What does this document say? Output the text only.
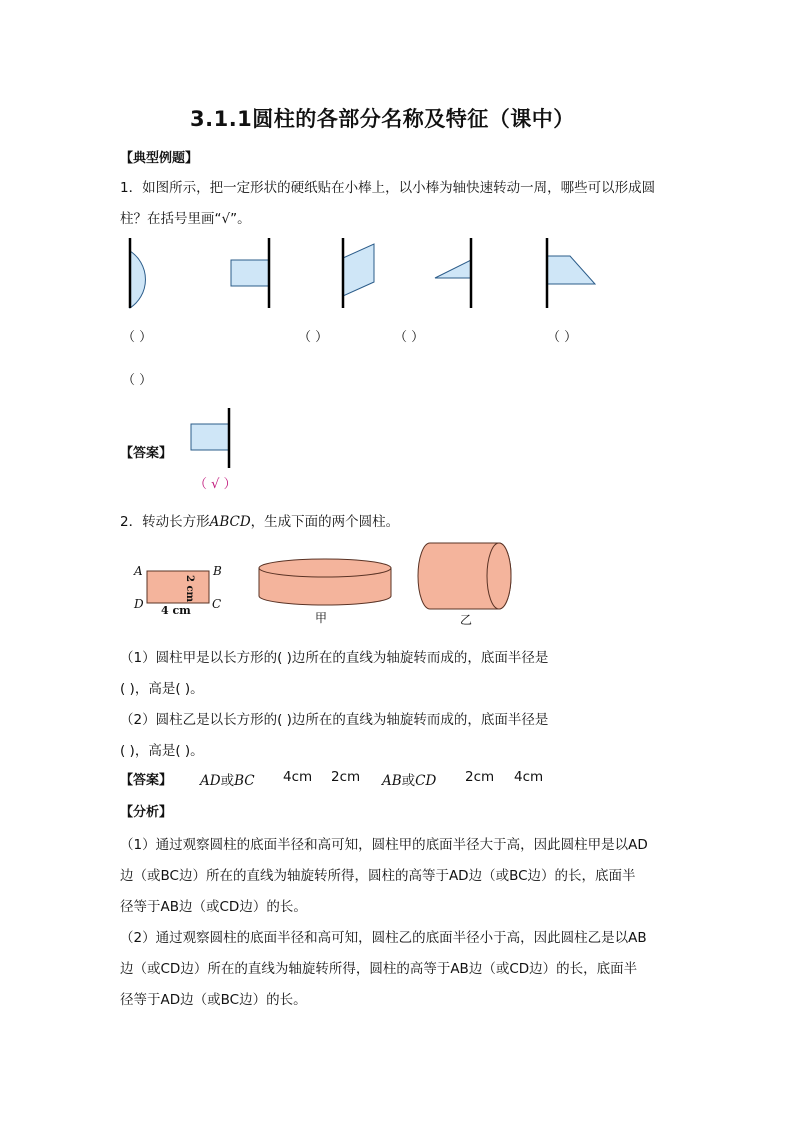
3.1.1圆柱的各部分名称及特征（课中）
【典型例题】
1．如图所示，把一定形状的硬纸贴在小棒上，以小棒为轴快速转动一周，哪些可以形成圆
柱？在括号里画“√”。
（ ）	（ ）	（ ）	（ ）
（ ）
【答案】
（ √ ）
2．转动长方形ABCD，生成下面的两个圆柱。
A	B
C
D 4 cm
2 cm
甲	乙
（1）圆柱甲是以长方形的( )边所在的直线为轴旋转而成的，底面半径是
( )，高是( )。
（2）圆柱乙是以长方形的( )边所在的直线为轴旋转而成的，底面半径是
( )，高是( )。
【答案】 AD或BC 4cm 2cm AB或CD 2cm 4cm
【分析】
（1）通过观察圆柱的底面半径和高可知，圆柱甲的底面半径大于高，因此圆柱甲是以AD
边（或BC边）所在的直线为轴旋转所得，圆柱的高等于AD边（或BC边）的长，底面半
径等于AB边（或CD边）的长。
（2）通过观察圆柱的底面半径和高可知，圆柱乙的底面半径小于高，因此圆柱乙是以AB
边（或CD边）所在的直线为轴旋转所得，圆柱的高等于AB边（或CD边）的长，底面半
径等于AD边（或BC边）的长。
